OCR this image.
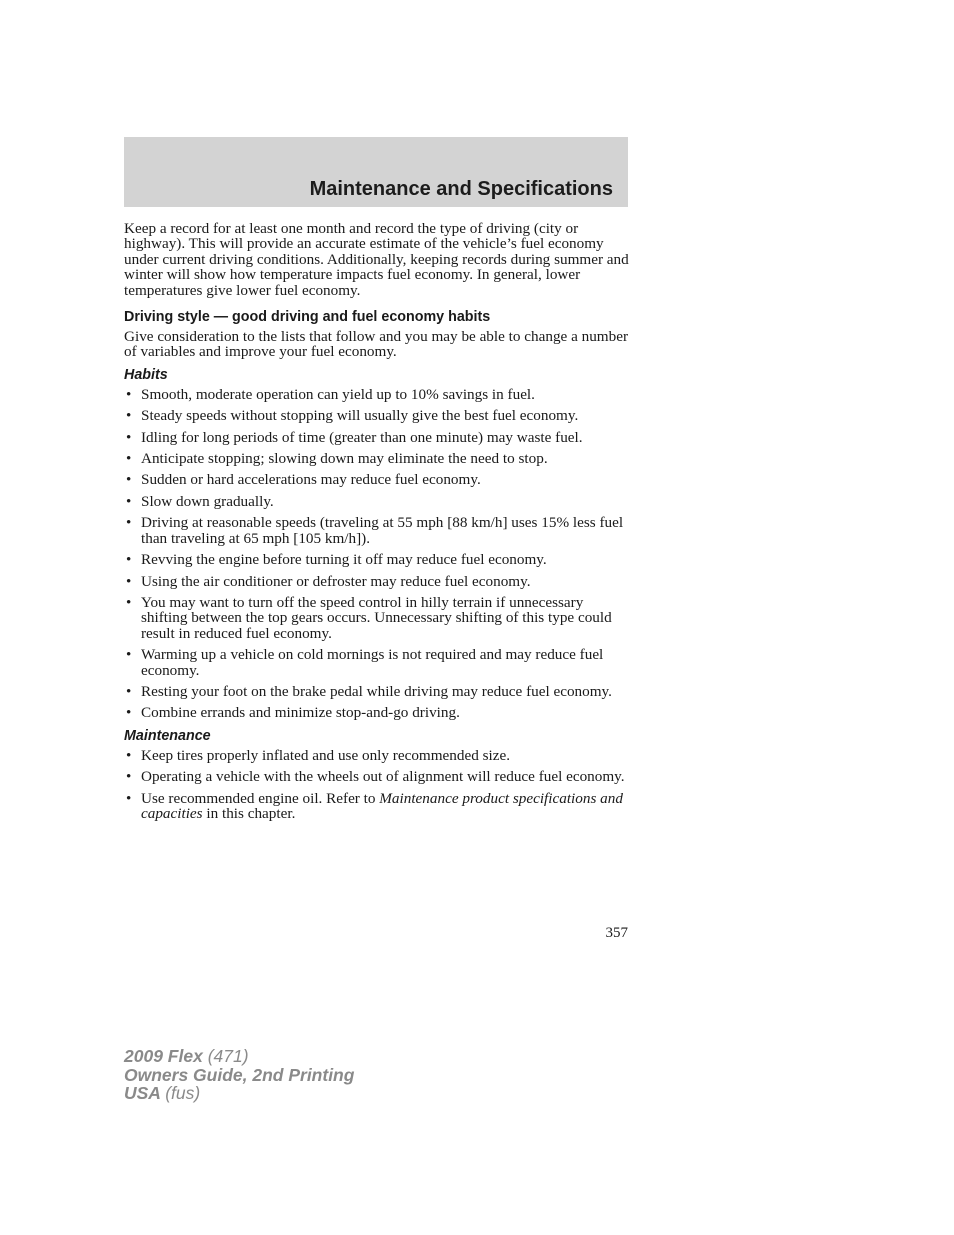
Maintenance and Specifications

Keep a record for at least one month and record the type of driving (city or highway). This will provide an accurate estimate of the vehicle’s fuel economy under current driving conditions. Additionally, keeping records during summer and winter will show how temperature impacts fuel economy. In general, lower temperatures give lower fuel economy.

Driving style — good driving and fuel economy habits

Give consideration to the lists that follow and you may be able to change a number of variables and improve your fuel economy.

Habits
• Smooth, moderate operation can yield up to 10% savings in fuel.
• Steady speeds without stopping will usually give the best fuel economy.
• Idling for long periods of time (greater than one minute) may waste fuel.
• Anticipate stopping; slowing down may eliminate the need to stop.
• Sudden or hard accelerations may reduce fuel economy.
• Slow down gradually.
• Driving at reasonable speeds (traveling at 55 mph [88 km/h] uses 15% less fuel than traveling at 65 mph [105 km/h]).
• Revving the engine before turning it off may reduce fuel economy.
• Using the air conditioner or defroster may reduce fuel economy.
• You may want to turn off the speed control in hilly terrain if unnecessary shifting between the top gears occurs. Unnecessary shifting of this type could result in reduced fuel economy.
• Warming up a vehicle on cold mornings is not required and may reduce fuel economy.
• Resting your foot on the brake pedal while driving may reduce fuel economy.
• Combine errands and minimize stop-and-go driving.
Maintenance
• Keep tires properly inflated and use only recommended size.
• Operating a vehicle with the wheels out of alignment will reduce fuel economy.
• Use recommended engine oil. Refer to Maintenance product specifications and capacities in this chapter.
357
2009 Flex (471)
Owners Guide, 2nd Printing
USA (fus)
